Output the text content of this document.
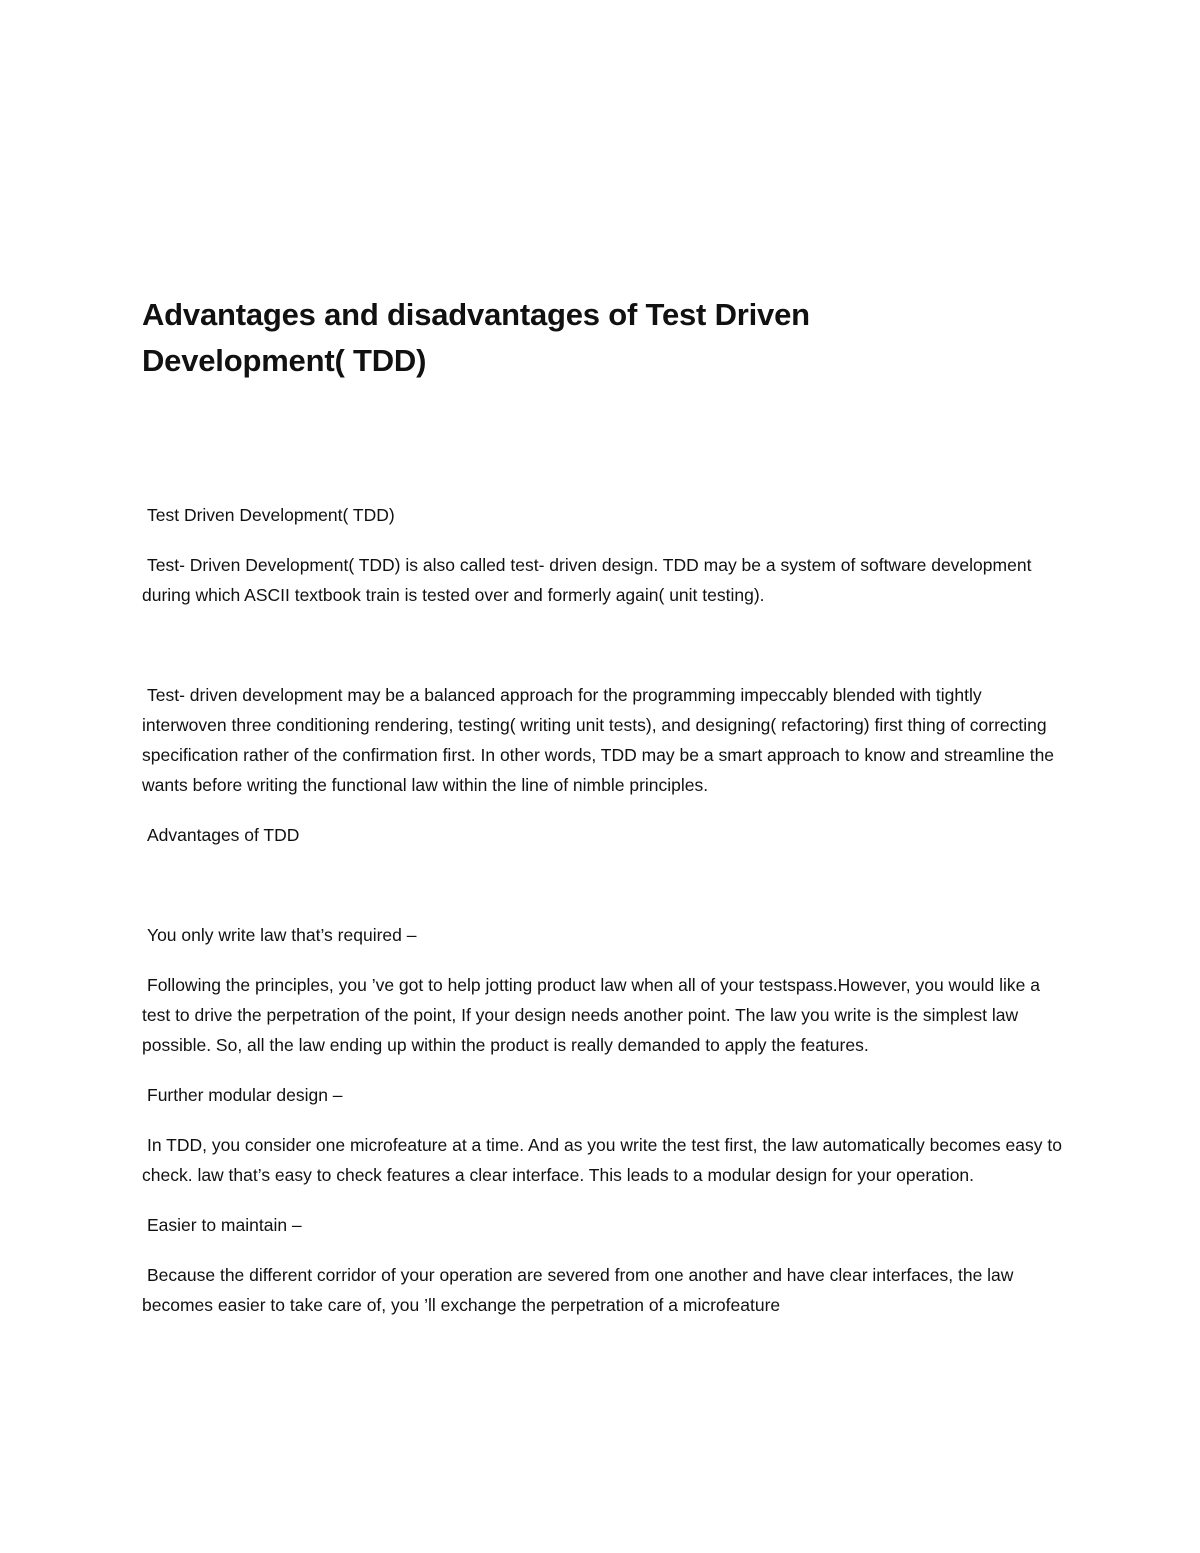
Advantages and disadvantages of Test Driven
Development( TDD)

Test Driven Development( TDD)

Test- Driven Development( TDD) is also called test- driven design. TDD may be a system of software development during which ASCII textbook train is tested over and formerly again( unit testing).

Test- driven development may be a balanced approach for the programming impeccably blended with tightly interwoven three conditioning rendering, testing( writing unit tests), and designing( refactoring) first thing of correcting specification rather of the confirmation first. In other words, TDD may be a smart approach to know and streamline the wants before writing the functional law within the line of nimble principles.

Advantages of TDD

You only write law that’s required –

Following the principles, you ’ve got to help jotting product law when all of your testspass.However, you would like a test to drive the perpetration of the point, If your design needs another point. The law you write is the simplest law possible. So, all the law ending up within the product is really demanded to apply the features.

Further modular design –

In TDD, you consider one microfeature at a time. And as you write the test first, the law automatically becomes easy to check. law that’s easy to check features a clear interface. This leads to a modular design for your operation.

Easier to maintain –

Because the different corridor of your operation are severed from one another and have clear interfaces, the law becomes easier to take care of, you ’ll exchange the perpetration of a microfeature
